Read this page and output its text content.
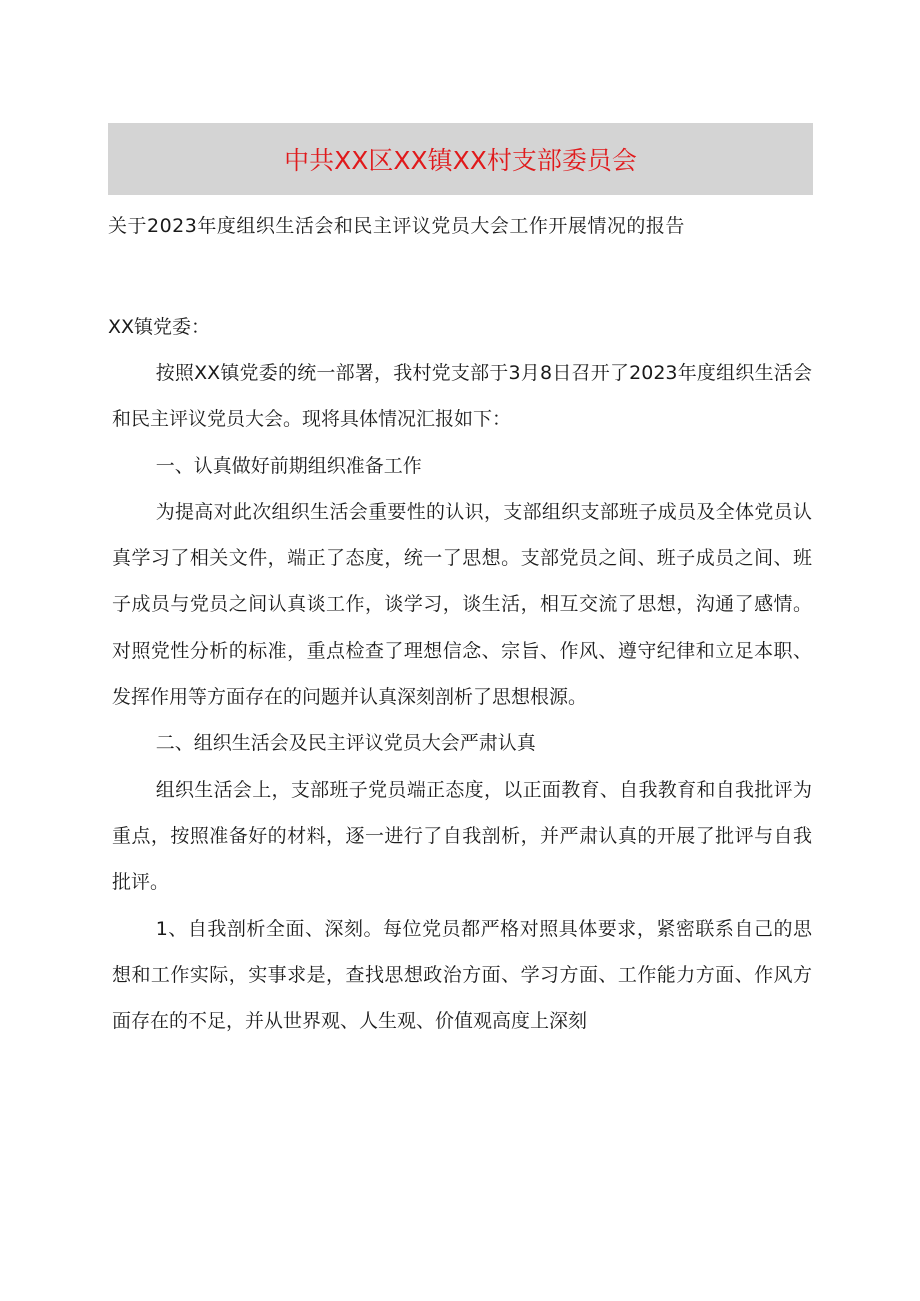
中共XX区XX镇XX村支部委员会
关于2023年度组织生活会和民主评议党员大会工作开展情况的报告
XX镇党委：

按照XX镇党委的统一部署，我村党支部于3月8日召开了2023年度组织生活会和民主评议党员大会。现将具体情况汇报如下：

一、认真做好前期组织准备工作

为提高对此次组织生活会重要性的认识，支部组织支部班子成员及全体党员认真学习了相关文件，端正了态度，统一了思想。支部党员之间、班子成员之间、班子成员与党员之间认真谈工作，谈学习，谈生活，相互交流了思想，沟通了感情。对照党性分析的标准，重点检查了理想信念、宗旨、作风、遵守纪律和立足本职、发挥作用等方面存在的问题并认真深刻剖析了思想根源。

二、组织生活会及民主评议党员大会严肃认真

组织生活会上，支部班子党员端正态度，以正面教育、自我教育和自我批评为重点，按照准备好的材料，逐一进行了自我剖析，并严肃认真的开展了批评与自我批评。

1、自我剖析全面、深刻。每位党员都严格对照具体要求，紧密联系自己的思想和工作实际，实事求是，查找思想政治方面、学习方面、工作能力方面、作风方面存在的不足，并从世界观、人生观、价值观高度上深刻
